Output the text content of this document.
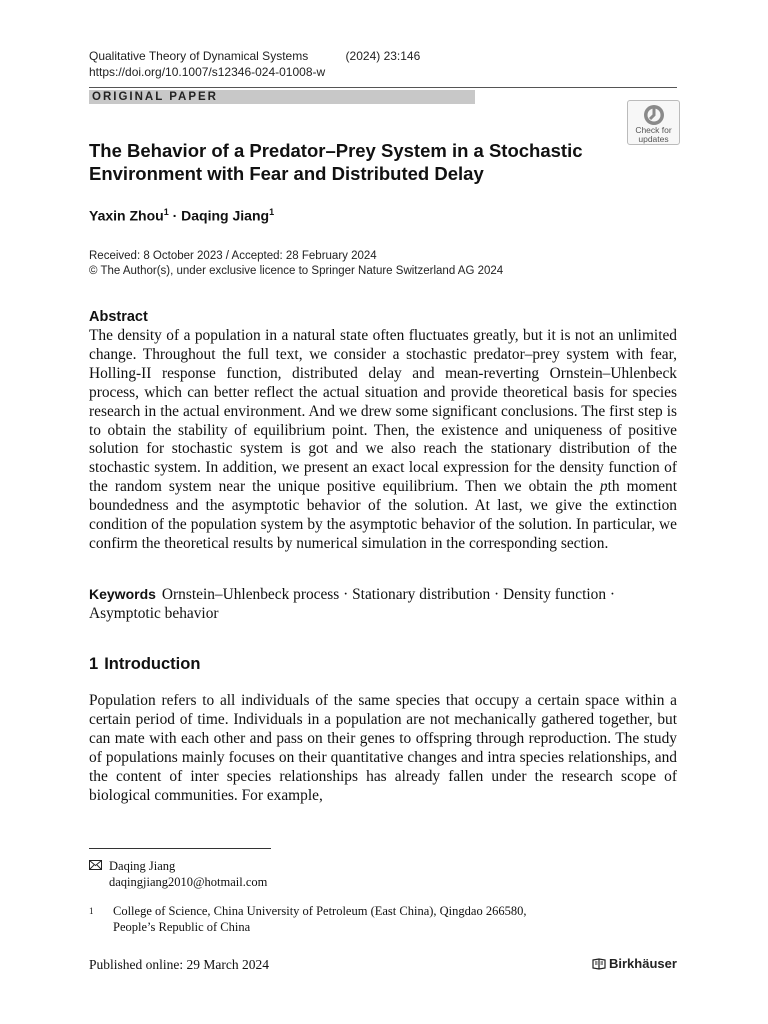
Qualitative Theory of Dynamical Systems	(2024) 23:146
https://doi.org/10.1007/s12346-024-01008-w
ORIGINAL PAPER
Check for
updates
The Behavior of a Predator–Prey System in a Stochastic Environment with Fear and Distributed Delay
Yaxin Zhou$^1$ · Daqing Jiang$^1$
Received: 8 October 2023 / Accepted: 28 February 2024
© The Author(s), under exclusive licence to Springer Nature Switzerland AG 2024
Abstract
The density of a population in a natural state often fluctuates greatly, but it is not an unlimited change. Throughout the full text, we consider a stochastic predator–prey system with fear, Holling-II response function, distributed delay and mean-reverting Ornstein–Uhlenbeck process, which can better reflect the actual situation and provide theoretical basis for species research in the actual environment. And we drew some significant conclusions. The first step is to obtain the stability of equilibrium point. Then, the existence and uniqueness of positive solution for stochastic system is got and we also reach the stationary distribution of the stochastic system. In addition, we present an exact local expression for the density function of the random system near the unique positive equilibrium. Then we obtain the pth moment boundedness and the asymptotic behavior of the solution. At last, we give the extinction condition of the population system by the asymptotic behavior of the solution. In particular, we confirm the theoretical results by numerical simulation in the corresponding section.
Keywords Ornstein–Uhlenbeck process · Stationary distribution · Density function · Asymptotic behavior
1 Introduction
Population refers to all individuals of the same species that occupy a certain space within a certain period of time. Individuals in a population are not mechanically gathered together, but can mate with each other and pass on their genes to offspring through reproduction. The study of populations mainly focuses on their quantitative changes and intra species relationships, and the content of inter species relationships has already fallen under the research scope of biological communities. For example,
Daqing Jiang
daqingjiang2010@hotmail.com
1 College of Science, China University of Petroleum (East China), Qingdao 266580,
People’s Republic of China
Published online: 29 March 2024	Birkhäuser
